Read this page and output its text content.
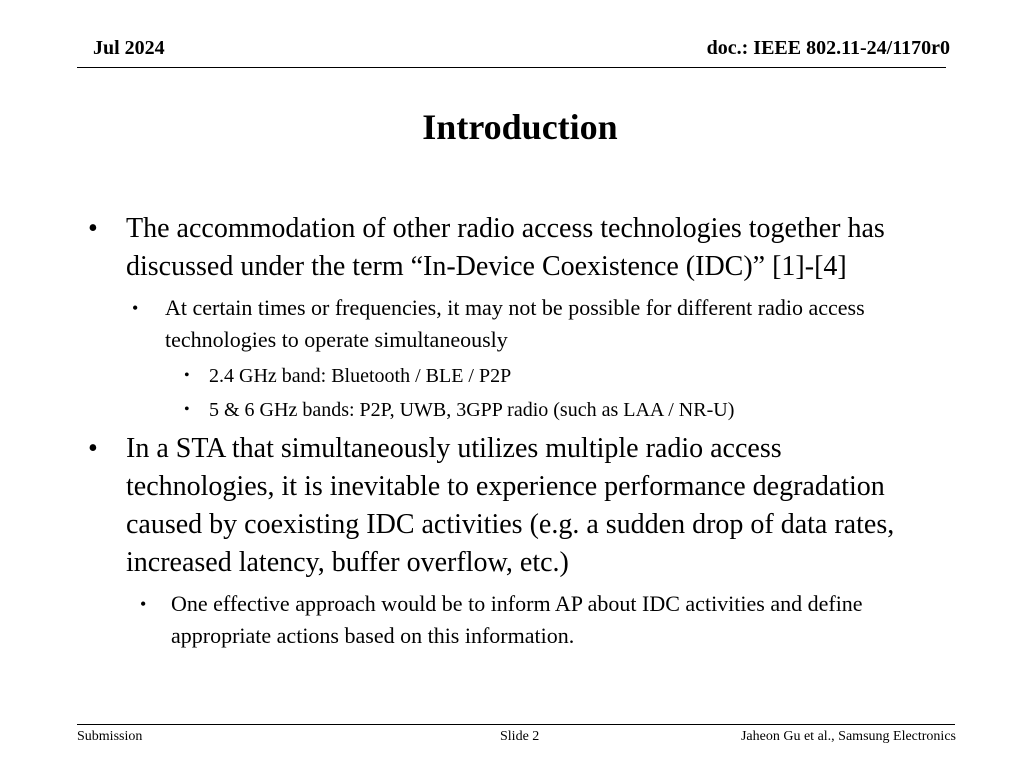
Jul 2024	doc.: IEEE 802.11-24/1170r0
Introduction
• The accommodation of other radio access technologies together has discussed under the term “In-Device Coexistence (IDC)” [1]-[4]
• At certain times or frequencies, it may not be possible for different radio access technologies to operate simultaneously
• 2.4 GHz band: Bluetooth / BLE / P2P
• 5 & 6 GHz bands: P2P, UWB, 3GPP radio (such as LAA / NR-U)
• In a STA that simultaneously utilizes multiple radio access technologies, it is inevitable to experience performance degradation caused by coexisting IDC activities (e.g. a sudden drop of data rates, increased latency, buffer overflow, etc.)
• One effective approach would be to inform AP about IDC activities and define appropriate actions based on this information.
Submission	Slide 2	Jaheon Gu et al., Samsung Electronics
